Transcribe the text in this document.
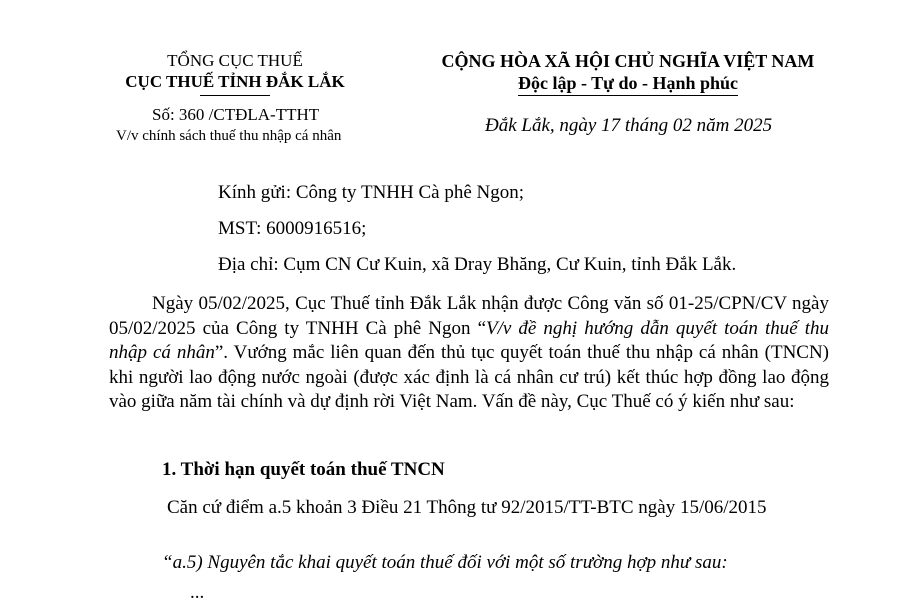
TỔNG CỤC THUẾ
CỤC THUẾ TỈNH ĐẮK LẮK
Số: 360 /CTĐLA-TTHT
V/v chính sách thuế thu nhập cá nhân
CỘNG HÒA XÃ HỘI CHỦ NGHĨA VIỆT NAM
Độc lập - Tự do - Hạnh phúc
Đắk Lắk, ngày 17 tháng 02 năm 2025
Kính gửi: Công ty TNHH Cà phê Ngon;
MST: 6000916516;
Địa chỉ: Cụm CN Cư Kuin, xã Dray Bhăng, Cư Kuin, tỉnh Đắk Lắk.
Ngày 05/02/2025, Cục Thuế tỉnh Đắk Lắk nhận được Công văn số 01-25/CPN/CV ngày 05/02/2025 của Công ty TNHH Cà phê Ngon “V/v đề nghị hướng dẫn quyết toán thuế thu nhập cá nhân”. Vướng mắc liên quan đến thủ tục quyết toán thuế thu nhập cá nhân (TNCN) khi người lao động nước ngoài (được xác định là cá nhân cư trú) kết thúc hợp đồng lao động vào giữa năm tài chính và dự định rời Việt Nam. Vấn đề này, Cục Thuế có ý kiến như sau:
1. Thời hạn quyết toán thuế TNCN
Căn cứ điểm a.5 khoản 3 Điều 21 Thông tư 92/2015/TT-BTC ngày 15/06/2015
“a.5) Nguyên tắc khai quyết toán thuế đối với một số trường hợp như sau:
...
